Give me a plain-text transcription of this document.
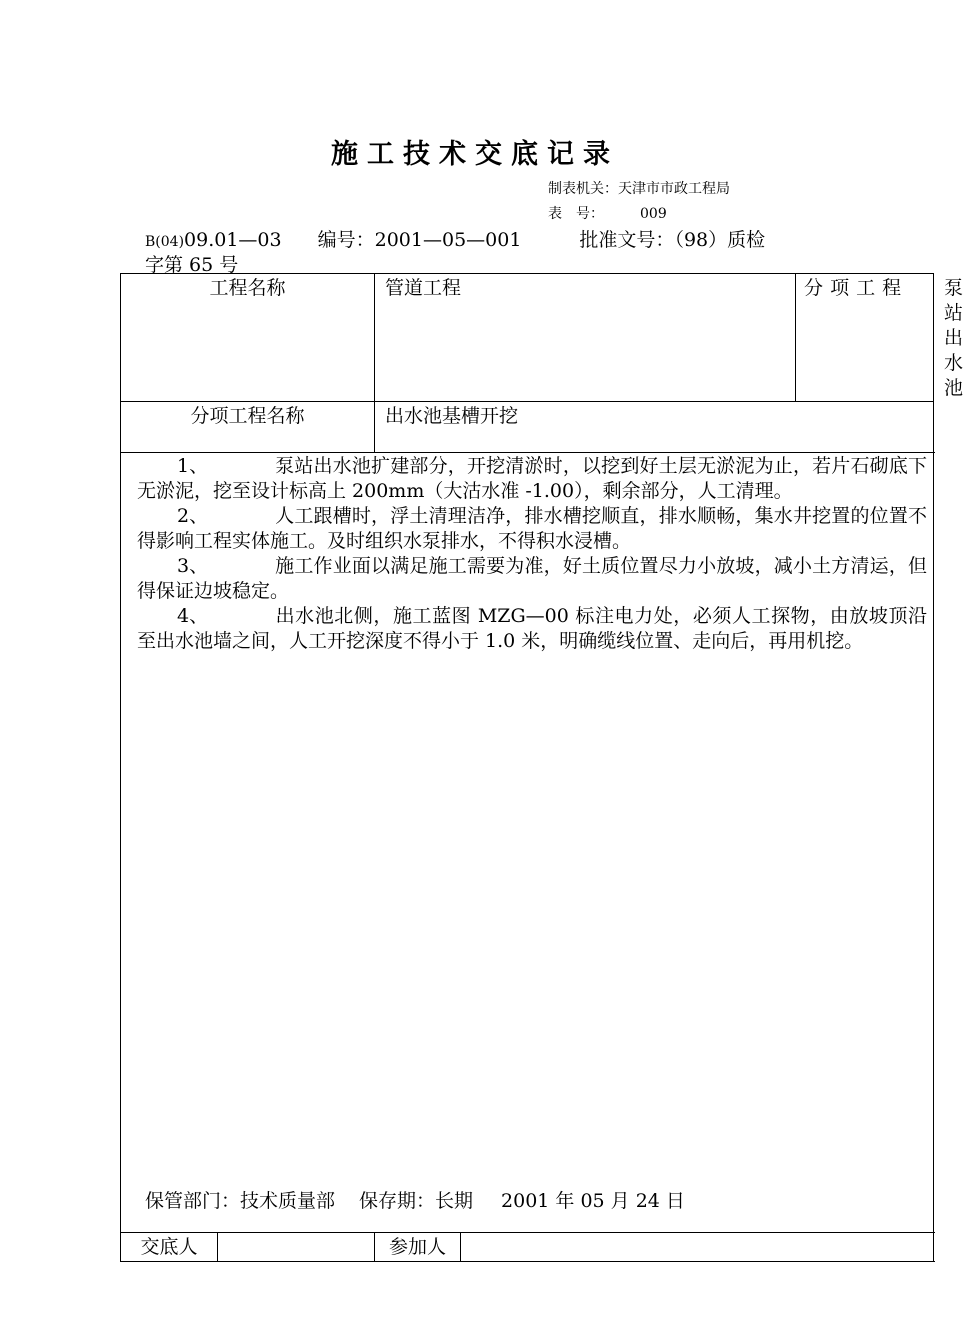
施工技术交底记录
制表机关：天津市市政工程局
表　号：	009
B(04)09.01—03 编号：2001—05—001	批准文号：（98）质检
字第 65 号
工程名称		管道工程		分 项 工 程	泵站出水池
分项工程名称		出水池基槽开挖			

1、 泵站出水池扩建部分，开挖清淤时，以挖到好土层无淤泥为止，若片石砌底下无淤泥，挖至设计标高上 200mm（大沽水准 -1.00），剩余部分，人工清理。

2、 人工跟槽时，浮土清理洁净，排水槽挖顺直，排水顺畅，集水井挖置的位置不得影响工程实体施工。及时组织水泵排水，不得积水浸槽。

3、 施工作业面以满足施工需要为准，好土质位置尽力小放坡，减小土方清运，但得保证边坡稳定。

4、 出水池北侧，施工蓝图 MZG—00 标注电力处，必须人工探物，由放坡顶沿至出水池墙之间，人工开挖深度不得小于 1.0 米，明确缆线位置、走向后，再用机挖。					

交底人		参加人			
保管部门：技术质量部 保存期：长期 2001 年 05 月 24 日
